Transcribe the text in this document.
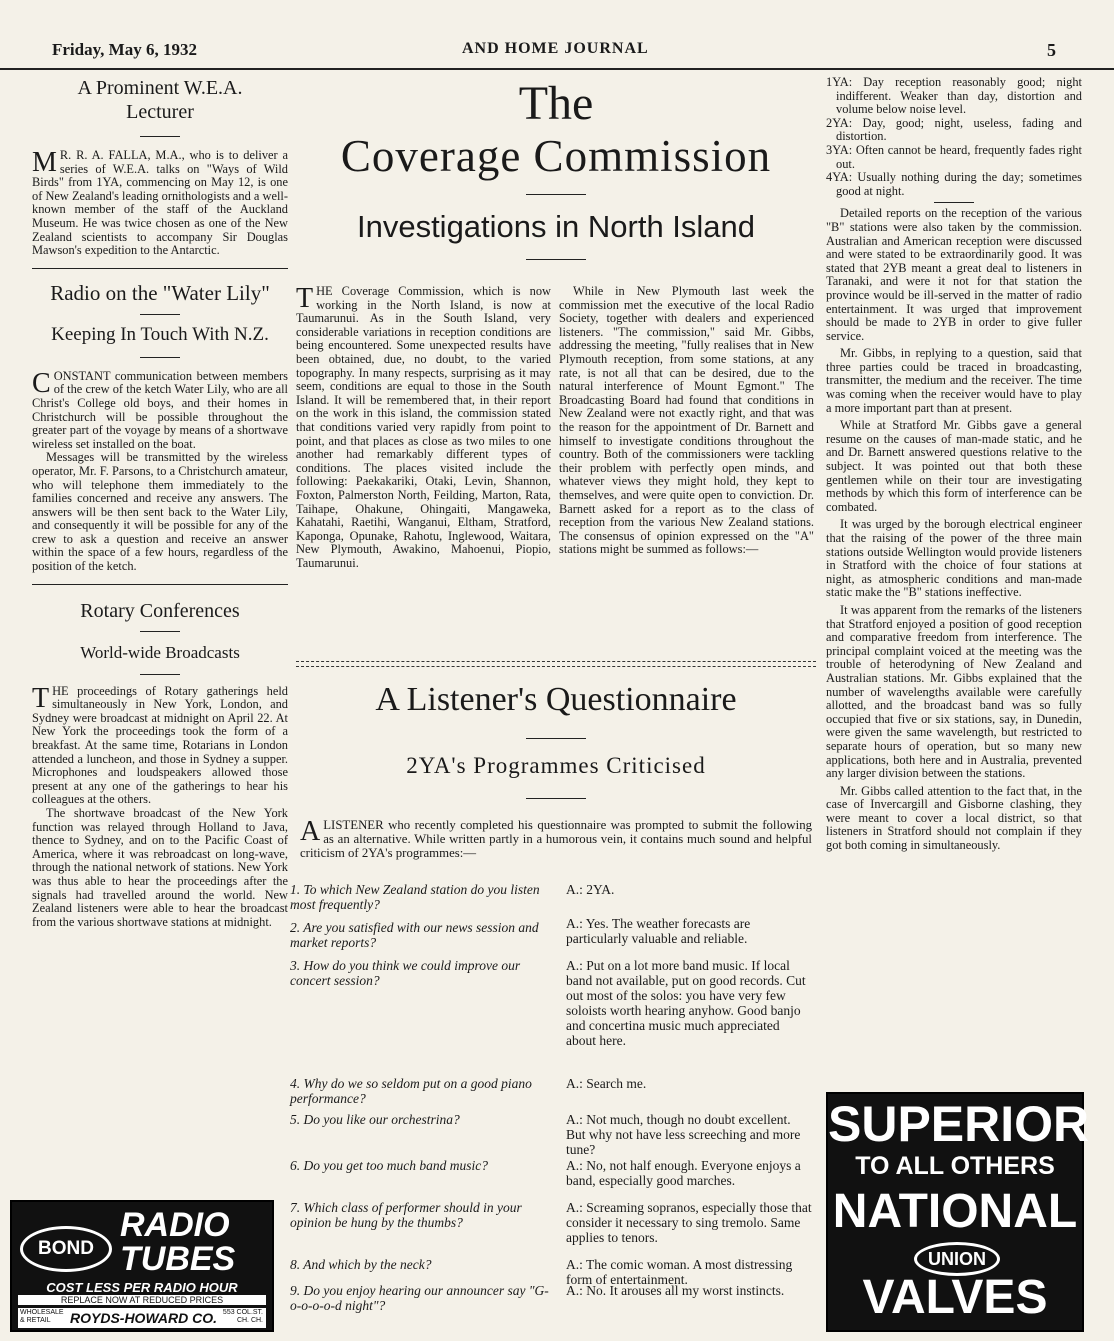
Friday, May 6, 1932	AND HOME JOURNAL	5
A Prominent W.E.A. Lecturer

M R. R. A. FALLA, M.A., who is to deliver a series of W.E.A. talks on "Ways of Wild Birds" from 1YA, commencing on May 12, is one of New Zealand's leading ornithologists and a well-known member of the staff of the Auckland Museum. He was twice chosen as one of the New Zealand scientists to accompany Sir Douglas Mawson's expedition to the Antarctic.

Radio on the "Water Lily"
Keeping In Touch With N.Z.

CONSTANT communication between members of the crew of the ketch Water Lily, who are all Christ's College old boys, and their homes in Christchurch will be possible throughout the greater part of the voyage by means of a shortwave wireless set installed on the boat.

Messages will be transmitted by the wireless operator, Mr. F. Parsons, to a Christchurch amateur, who will telephone them immediately to the families concerned and receive any answers. The answers will be then sent back to the Water Lily, and consequently it will be possible for any of the crew to ask a question and receive an answer within the space of a few hours, regardless of the position of the ketch.

Rotary Conferences
World-wide Broadcasts

THE proceedings of Rotary gatherings held simultaneously in New York, London, and Sydney were broadcast at midnight on April 22. At New York the proceedings took the form of a breakfast. At the same time, Rotarians in London attended a luncheon, and those in Sydney a supper. Microphones and loudspeakers allowed those present at any one of the gatherings to hear his colleagues at the others.

The shortwave broadcast of the New York function was relayed through Holland to Java, thence to Sydney, and on to the Pacific Coast of America, where it was rebroadcast on long-wave, through the national network of stations. New York was thus able to hear the proceedings after the signals had travelled around the world. New Zealand listeners were able to hear the broadcast from the various shortwave stations at midnight.

BOND
RADIO
TUBES
COST LESS PER RADIO HOUR
REPLACE NOW AT REDUCED PRICES
WHOLESALE
& RETAIL	ROYDS-HOWARD CO. 553 COL.ST.
CH. CH.
The
Coverage Commission
Investigations in North Island

THE Coverage Commission, which is now working in the North Island, is now at Taumarunui. As in the South Island, very considerable variations in reception conditions are being encountered. Some unexpected results have been obtained, due, no doubt, to the varied topography. In many respects, surprising as it may seem, conditions are equal to those in the South Island. It will be remembered that, in their report on the work in this island, the commission stated that conditions varied very rapidly from point to point, and that places as close as two miles to one another had remarkably different types of conditions. The places visited include the following: Paekakariki, Otaki, Levin, Shannon, Foxton, Palmerston North, Feilding, Marton, Rata, Taihape, Ohakune, Ohingaiti, Mangaweka, Kahatahi, Raetihi, Wanganui, Eltham, Stratford, Kaponga, Opunake, Rahotu, Inglewood, Waitara, New Plymouth, Awakino, Mahoenui, Piopio, Taumarunui.

While in New Plymouth last week the commission met the executive of the local Radio Society, together with dealers and experienced listeners. "The commission," said Mr. Gibbs, addressing the meeting, "fully realises that in New Plymouth reception, from some stations, at any rate, is not all that can be desired, due to the natural interference of Mount Egmont." The Broadcasting Board had found that conditions in New Zealand were not exactly right, and that was the reason for the appointment of Dr. Barnett and himself to investigate conditions throughout the country. Both of the commissioners were tackling their problem with perfectly open minds, and whatever views they might hold, they kept to themselves, and were quite open to conviction. Dr. Barnett asked for a report as to the class of reception from the various New Zealand stations. The consensus of opinion expressed on the "A" stations might be summed as follows:—

A Listener's Questionnaire
2YA's Programmes Criticised

ALISTENER who recently completed his questionnaire was prompted to submit the following as an alternative. While written partly in a humorous vein, it contains much sound and helpful criticism of 2YA's programmes:—

1. To which New Zealand station do you listen most frequently?
A.: 2YA.
2. Are you satisfied with our news session and market reports?
A.: Yes. The weather forecasts are particularly valuable and reliable.
3. How do you think we could improve our concert session?
A.: Put on a lot more band music. If local band not available, put on good records. Cut out most of the solos: you have very few soloists worth hearing anyhow. Good banjo and concertina music much appreciated about here.
4. Why do we so seldom put on a good piano performance?
A.: Search me.
5. Do you like our orchestrina?	A.: Not much, though no doubt excellent. But why not have less screeching and more tune?
6. Do you get too much band music?	A.: No, not half enough. Everyone enjoys a band, especially good marches.
7. Which class of performer should in your opinion be hung by the thumbs?
A.: Screaming sopranos, especially those that consider it necessary to sing tremolo. Same applies to tenors.
8. And which by the neck?	A.: The comic woman. A most distressing form of entertainment.
9. Do you enjoy hearing our announcer say "G-o-o-o-o-d night"?
A.: No. It arouses all my worst instincts.

1YA: Day reception reasonably good; night indifferent. Weaker than day, distortion and volume below noise level.

2YA: Day, good; night, useless, fading and distortion.

3YA: Often cannot be heard, frequently fades right out.

4YA: Usually nothing during the day; sometimes good at night.

Detailed reports on the reception of the various "B" stations were also taken by the commission. Australian and American reception were discussed and were stated to be extraordinarily good. It was stated that 2YB meant a great deal to listeners in Taranaki, and were it not for that station the province would be ill-served in the matter of radio entertainment. It was urged that improvement should be made to 2YB in order to give fuller service.

Mr. Gibbs, in replying to a question, said that three parties could be traced in broadcasting, transmitter, the medium and the receiver. The time was coming when the receiver would have to play a more important part than at present.

While at Stratford Mr. Gibbs gave a general resume on the causes of man-made static, and he and Dr. Barnett answered questions relative to the subject. It was pointed out that both these gentlemen while on their tour are investigating methods by which this form of interference can be combated.

It was urged by the borough electrical engineer that the raising of the power of the three main stations outside Wellington would provide listeners in Stratford with the choice of four stations at night, as atmospheric conditions and man-made static make the "B" stations ineffective.

It was apparent from the remarks of the listeners that Stratford enjoyed a position of good reception and comparative freedom from interference. The principal complaint voiced at the meeting was the trouble of heterodyning of New Zealand and Australian stations. Mr. Gibbs explained that the number of wavelengths available were carefully allotted, and the broadcast band was so fully occupied that five or six stations, say, in Dunedin, were given the same wavelength, but restricted to separate hours of operation, but so many new applications, both here and in Australia, prevented any larger division between the stations.

Mr. Gibbs called attention to the fact that, in the case of Invercargill and Gisborne clashing, they were meant to cover a local district, so that listeners in Stratford should not complain if they got both coming in simultaneously.

SUPERIOR
TO ALL OTHERS
NATIONAL
UNION
VALVES
